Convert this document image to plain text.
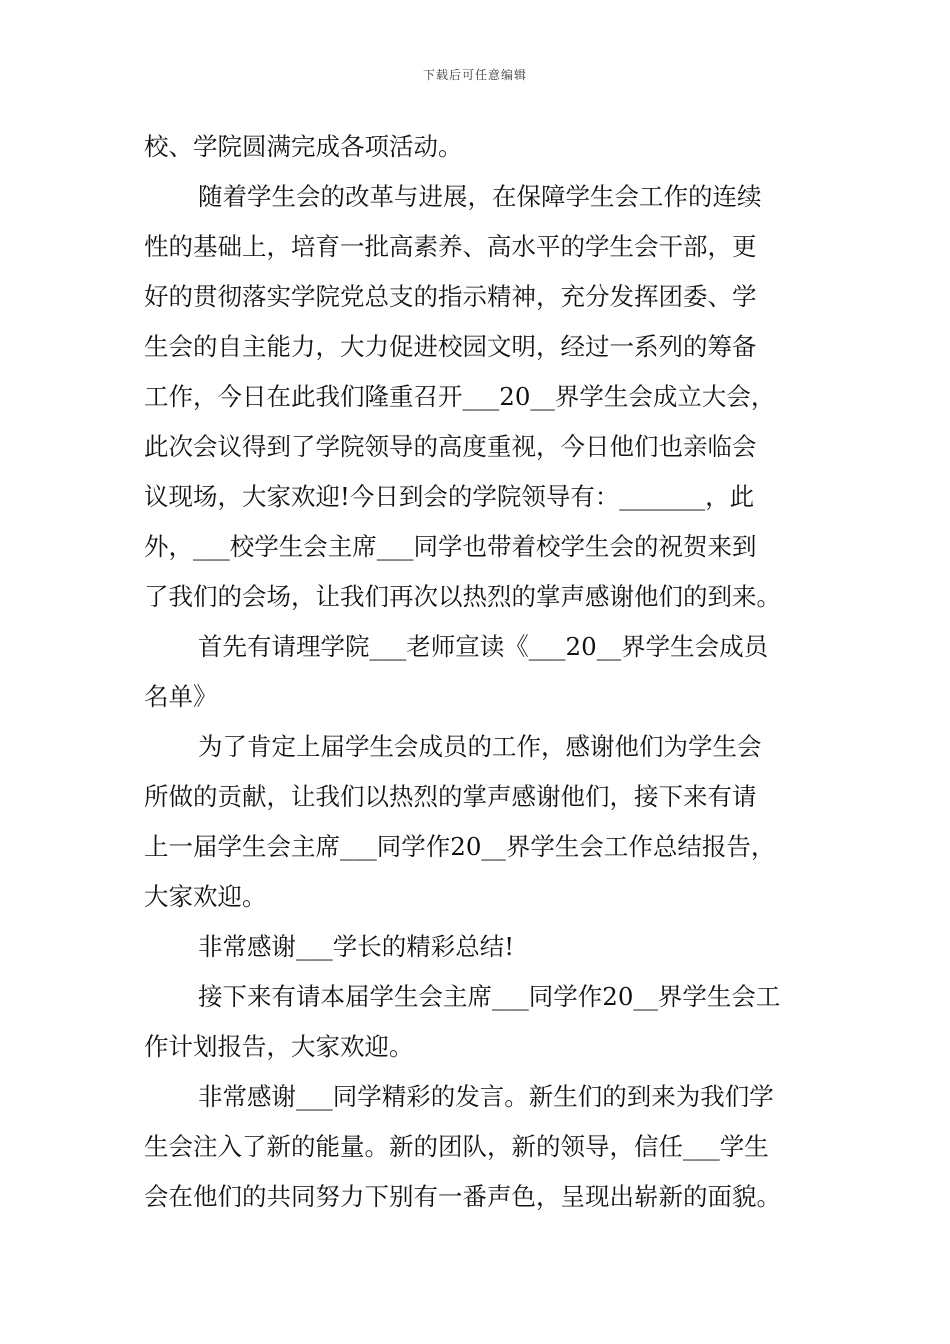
下载后可任意编辑
校、学院圆满完成各项活动。
随着学生会的改革与进展，在保障学生会工作的连续
性的基础上，培育一批高素养、高水平的学生会干部，更
好的贯彻落实学院党总支的指示精神，充分发挥团委、学
生会的自主能力，大力促进校园文明，经过一系列的筹备
工作，今日在此我们隆重召开___20__界学生会成立大会，
此次会议得到了学院领导的高度重视，今日他们也亲临会
议现场，大家欢迎!今日到会的学院领导有：_______，此
外，___校学生会主席___同学也带着校学生会的祝贺来到
了我们的会场，让我们再次以热烈的掌声感谢他们的到来。
首先有请理学院___老师宣读《___20__界学生会成员
名单》
为了肯定上届学生会成员的工作，感谢他们为学生会
所做的贡献，让我们以热烈的掌声感谢他们，接下来有请
上一届学生会主席___同学作20__界学生会工作总结报告，
大家欢迎。
非常感谢___学长的精彩总结!
接下来有请本届学生会主席___同学作20__界学生会工
作计划报告，大家欢迎。
非常感谢___同学精彩的发言。新生们的到来为我们学
生会注入了新的能量。新的团队，新的领导，信任___学生
会在他们的共同努力下别有一番声色，呈现出崭新的面貌。
